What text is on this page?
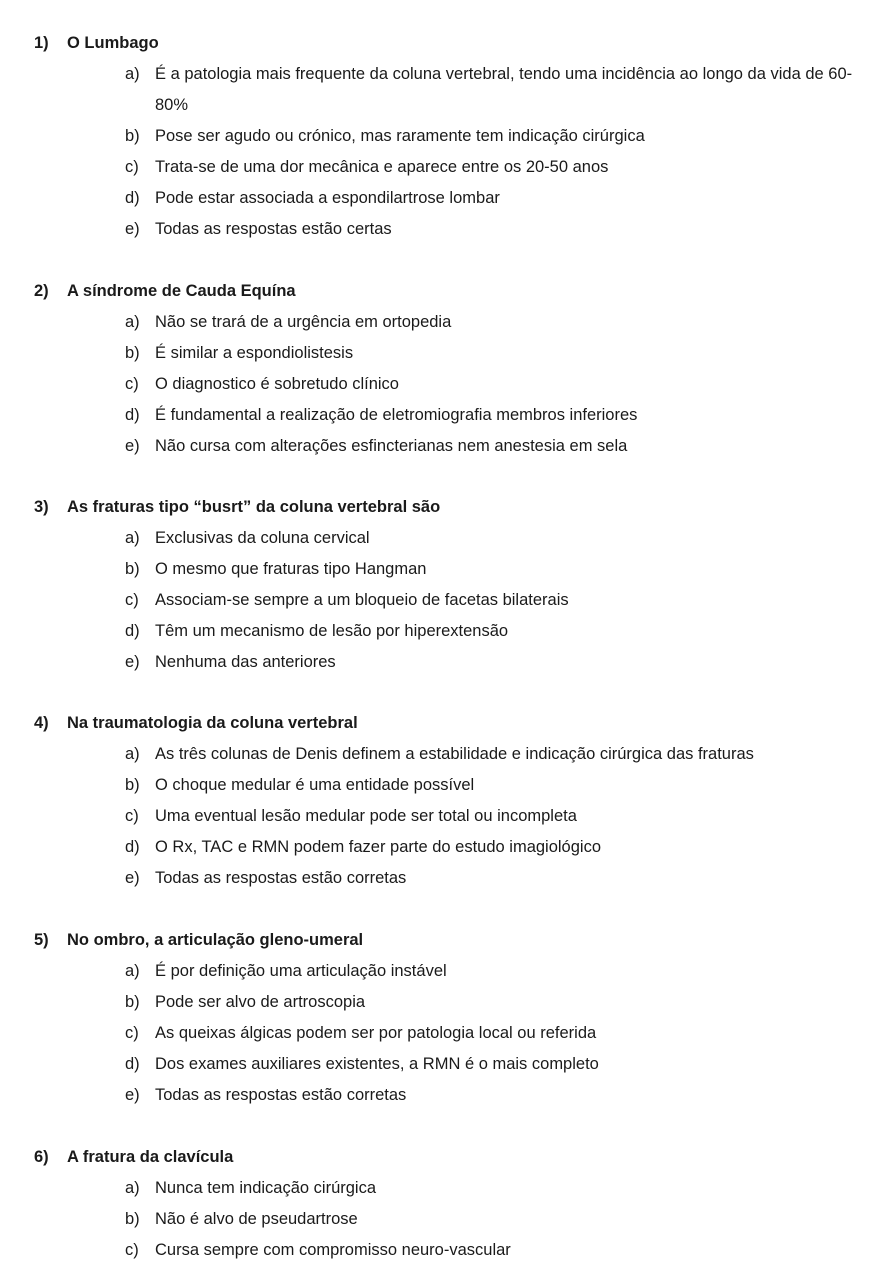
1) O Lumbago
a) É a patologia mais frequente da coluna vertebral, tendo uma incidência ao longo da vida de 60-80%
b) Pose ser agudo ou crónico, mas raramente tem indicação cirúrgica
c) Trata-se de uma dor mecânica e aparece entre os 20-50 anos
d) Pode estar associada a espondilartrose lombar
e) Todas as respostas estão certas
2) A síndrome de Cauda Equína
a) Não se trará de a urgência em ortopedia
b) É similar a espondiolistesis
c) O diagnostico é sobretudo clínico
d) É fundamental a realização de eletromiografia membros inferiores
e) Não cursa com alterações esfincterianas nem anestesia em sela
3) As fraturas tipo “busrt” da coluna vertebral são
a) Exclusivas da coluna cervical
b) O mesmo que fraturas tipo Hangman
c) Associam-se sempre a um bloqueio de facetas bilaterais
d) Têm um mecanismo de lesão por hiperextensão
e) Nenhuma das anteriores
4) Na traumatologia da coluna vertebral
a) As três colunas de Denis definem a estabilidade e indicação cirúrgica das fraturas
b) O choque medular é uma entidade possível
c) Uma eventual lesão medular pode ser total ou incompleta
d) O Rx, TAC e RMN podem fazer parte do estudo imagiológico
e) Todas as respostas estão corretas
5) No ombro, a articulação gleno-umeral
a) É por definição uma articulação instável
b) Pode ser alvo de artroscopia
c) As queixas álgicas podem ser por patologia local ou referida
d) Dos exames auxiliares existentes, a RMN é o mais completo
e) Todas as respostas estão corretas
6) A fratura da clavícula
a) Nunca tem indicação cirúrgica
b) Não é alvo de pseudartrose
c) Cursa sempre com compromisso neuro-vascular
